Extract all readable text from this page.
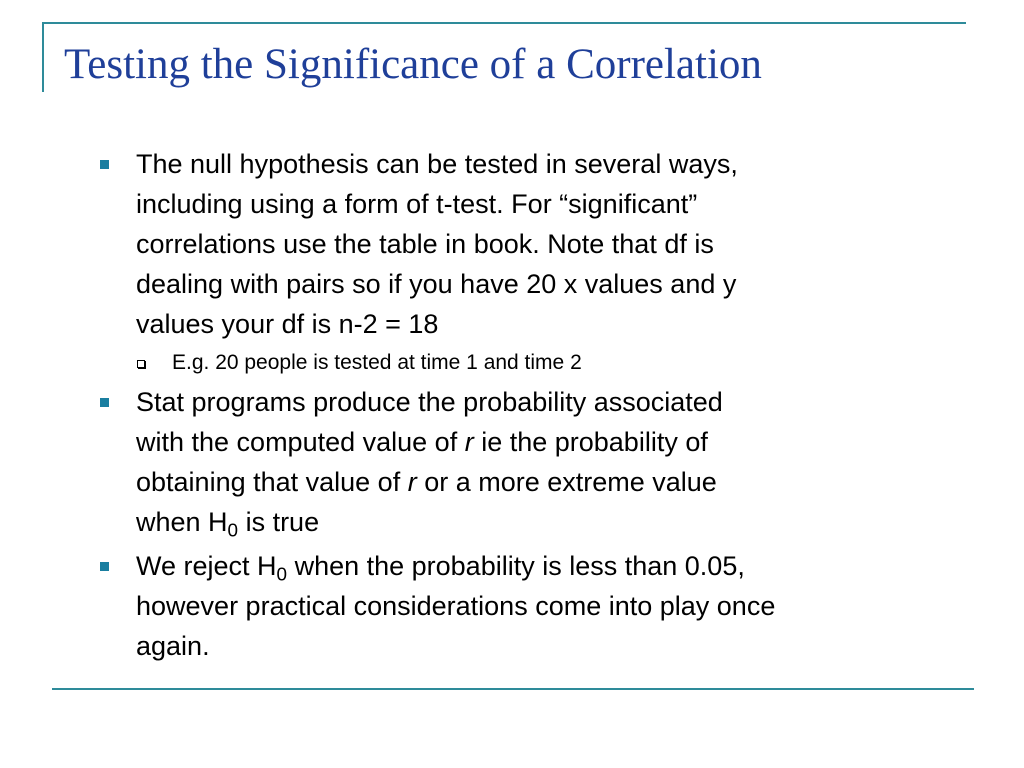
Testing the Significance of a Correlation
The null hypothesis can be tested in several ways,
including using a form of t-test. For “significant”
correlations use the table in book. Note that df is
dealing with pairs so if you have 20 x values and y
values your df is n-2 = 18
E.g. 20 people is tested at time 1 and time 2
Stat programs produce the probability associated
with the computed value of r ie the probability of
obtaining that value of r or a more extreme value
when $H_0$ is true
We reject $H_0$ when the probability is less than 0.05,
however practical considerations come into play once
again.
